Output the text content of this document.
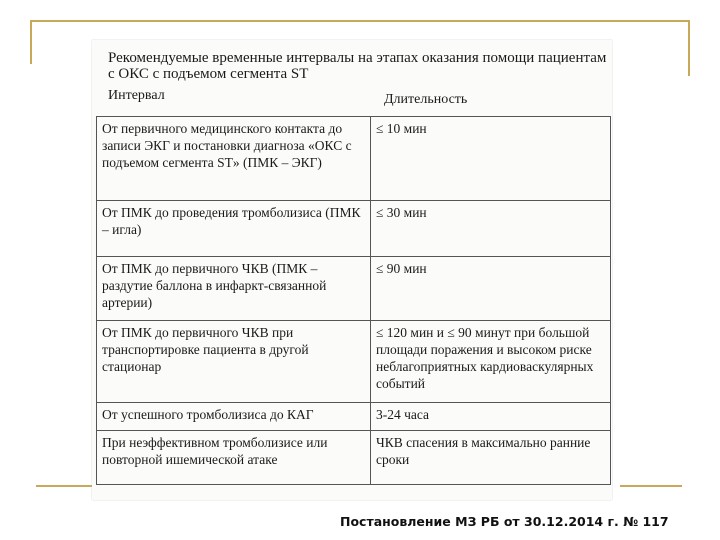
Рекомендуемые временные интервалы на этапах оказания помощи пациентам с ОКС с подъемом сегмента ST
Интервал	Длительность
От первичного медицинского контакта до записи ЭКГ и постановки диагноза «ОКС с подъемом сегмента ST» (ПМК – ЭКГ)	≤ 10 мин
От ПМК до проведения тромболизиса (ПМК – игла)	≤ 30 мин
От ПМК до первичного ЧКВ (ПМК – раздутие баллона в инфаркт-связанной артерии)	≤ 90 мин
От ПМК до первичного ЧКВ при транспортировке пациента в другой стационар	≤ 120 мин и ≤ 90 минут при большой площади поражения и высоком риске неблагоприятных кардиоваскулярных событий
От успешного тромболизиса до КАГ	3-24 часа
При неэффективном тромболизисе или повторной ишемической атаке	ЧКВ спасения в максимально ранние сроки
Постановление МЗ РБ от 30.12.2014 г. № 117
